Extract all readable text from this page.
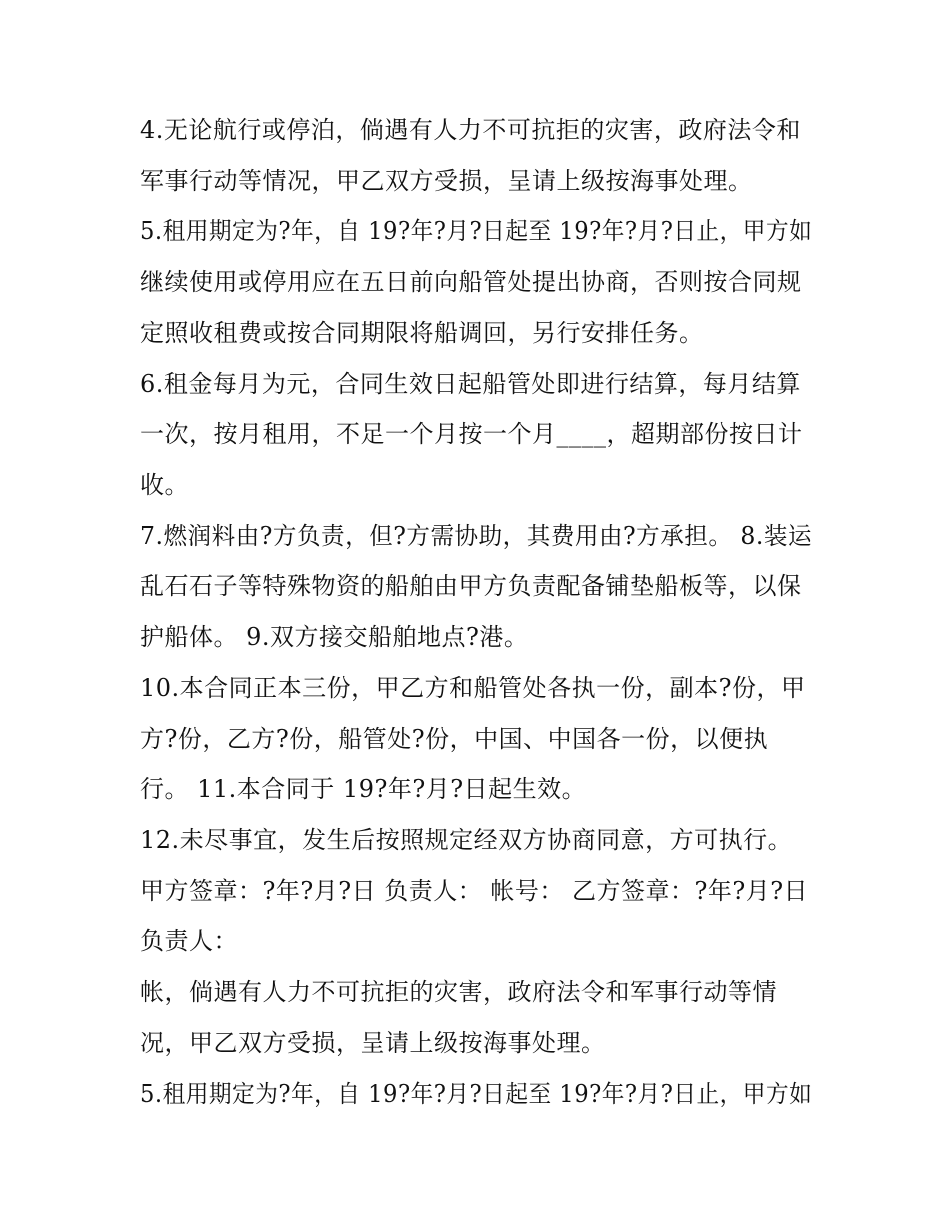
4.无论航行或停泊，倘遇有人力不可抗拒的灾害，政府法令和
军事行动等情况，甲乙双方受损，呈请上级按海事处理。
5.租用期定为?年，自 19?年?月?日起至 19?年?月?日止，甲方如
继续使用或停用应在五日前向船管处提出协商，否则按合同规
定照收租费或按合同期限将船调回，另行安排任务。
6.租金每月为元，合同生效日起船管处即进行结算，每月结算
一次，按月租用，不足一个月按一个月____，超期部份按日计
收。
7.燃润料由?方负责，但?方需协助，其费用由?方承担。 8.装运
乱石石子等特殊物资的船舶由甲方负责配备铺垫船板等，以保
护船体。 9.双方接交船舶地点?港。
10.本合同正本三份，甲乙方和船管处各执一份，副本?份，甲
方?份，乙方?份，船管处?份，中国、中国各一份，以便执
行。 11.本合同于 19?年?月?日起生效。
12.未尽事宜，发生后按照规定经双方协商同意，方可执行。
甲方签章：?年?月?日 负责人： 帐号： 乙方签章：?年?月?日
负责人：
帐，倘遇有人力不可抗拒的灾害，政府法令和军事行动等情
况，甲乙双方受损，呈请上级按海事处理。
5.租用期定为?年，自 19?年?月?日起至 19?年?月?日止，甲方如
